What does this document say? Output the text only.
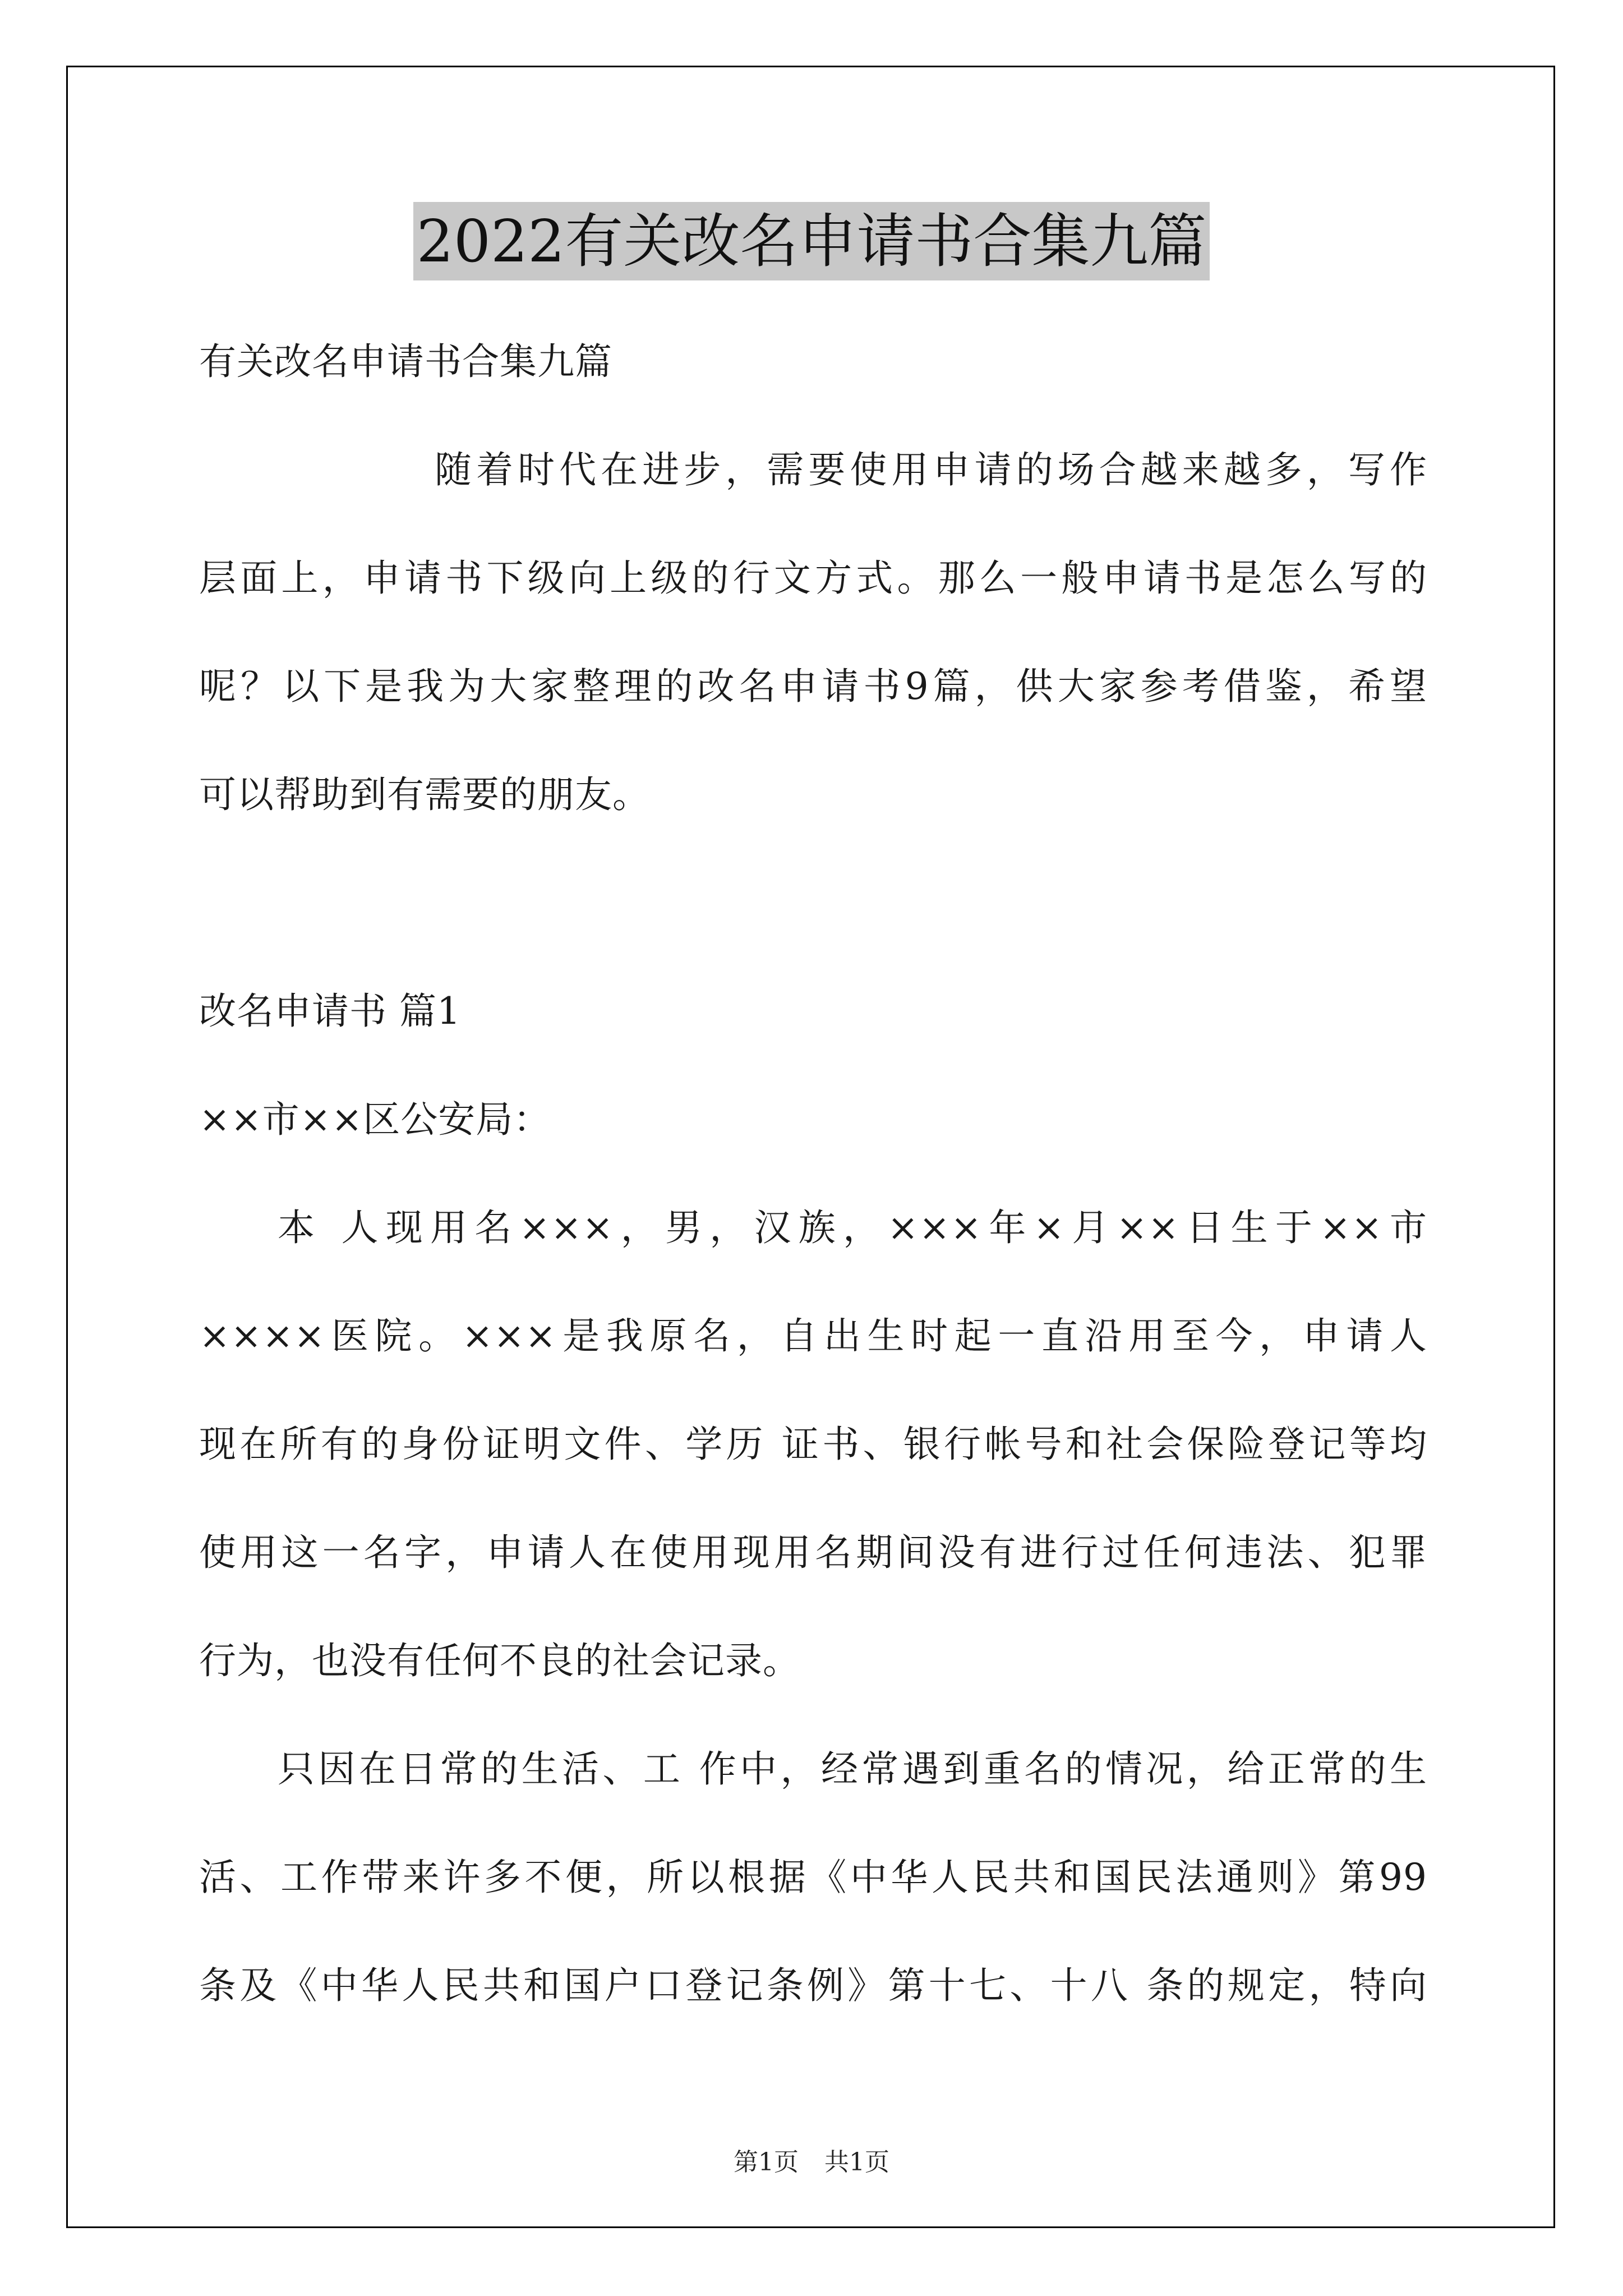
2022有关改名申请书合集九篇

有关改名申请书合集九篇

随着时代在进步，需要使用申请的场合越来越多，写作

层面上，申请书下级向上级的行文方式。那么一般申请书是怎么写的

呢？以下是我为大家整理的改名申请书9篇，供大家参考借鉴，希望

可以帮助到有需要的朋友。

改名申请书 篇1

××市××区公安局：

本 人现用名×××，男，汉族，×××年×月××日生于××市

××××医院。×××是我原名，自出生时起一直沿用至今，申请人

现在所有的身份证明文件、学历 证书、银行帐号和社会保险登记等均

使用这一名字，申请人在使用现用名期间没有进行过任何违法、犯罪

行为，也没有任何不良的社会记录。

只因在日常的生活、工 作中，经常遇到重名的情况，给正常的生

活、工作带来许多不便，所以根据《中华人民共和国民法通则》第99

条及《中华人民共和国户口登记条例》第十七、十八 条的规定，特向

第1页 共1页
